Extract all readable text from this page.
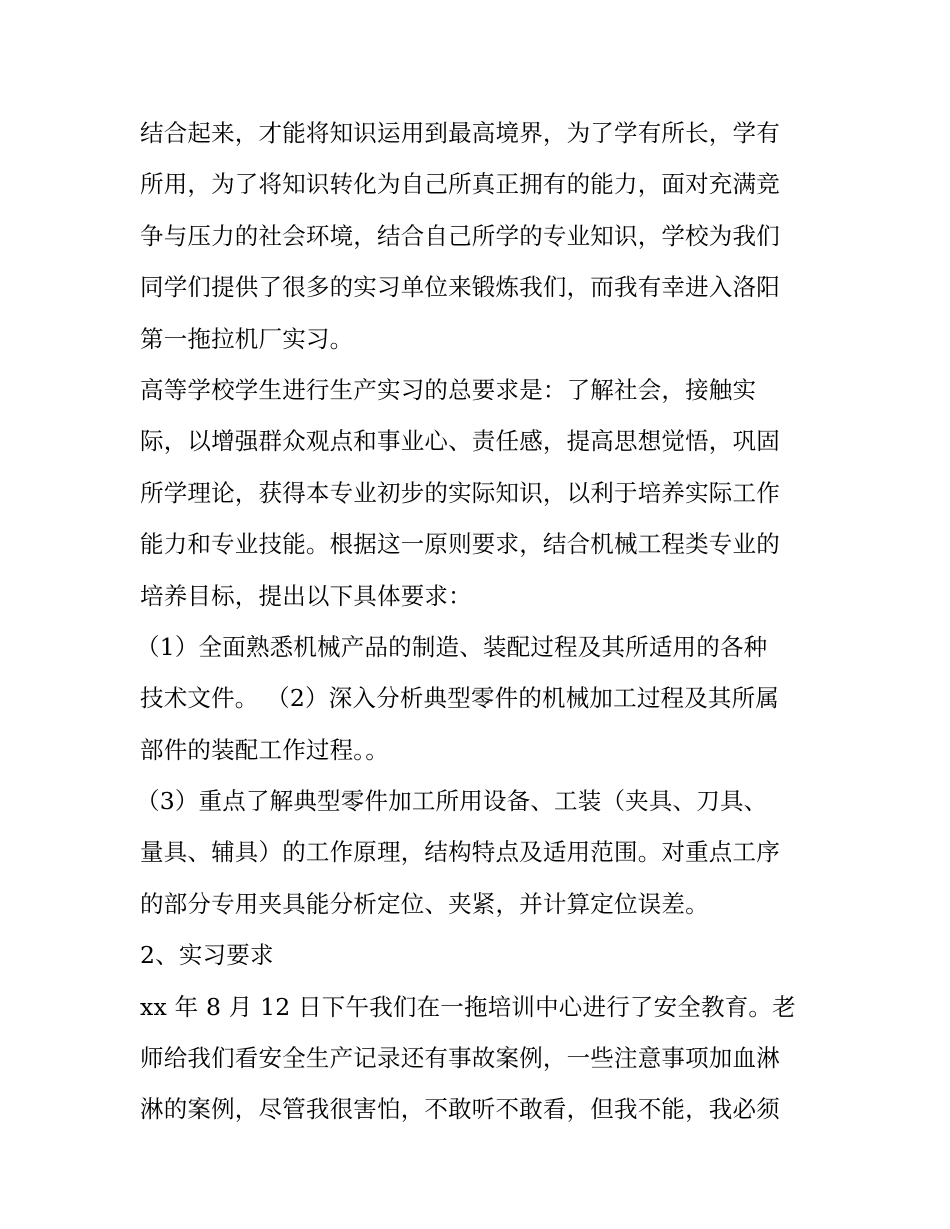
结合起来，才能将知识运用到最高境界，为了学有所长，学有
所用，为了将知识转化为自己所真正拥有的能力，面对充满竞
争与压力的社会环境，结合自己所学的专业知识，学校为我们
同学们提供了很多的实习单位来锻炼我们，而我有幸进入洛阳
第一拖拉机厂实习。
高等学校学生进行生产实习的总要求是：了解社会，接触实
际，以增强群众观点和事业心、责任感，提高思想觉悟，巩固
所学理论，获得本专业初步的实际知识，以利于培养实际工作
能力和专业技能。根据这一原则要求，结合机械工程类专业的
培养目标，提出以下具体要求：
（1）全面熟悉机械产品的制造、装配过程及其所适用的各种
技术文件。 （2）深入分析典型零件的机械加工过程及其所属
部件的装配工作过程。。
（3）重点了解典型零件加工所用设备、工装（夹具、刀具、
量具、辅具）的工作原理，结构特点及适用范围。对重点工序
的部分专用夹具能分析定位、夹紧，并计算定位误差。
2、实习要求
xx 年 8 月 12 日下午我们在一拖培训中心进行了安全教育。老
师给我们看安全生产记录还有事故案例，一些注意事项加血淋
淋的案例，尽管我很害怕，不敢听不敢看，但我不能，我必须
